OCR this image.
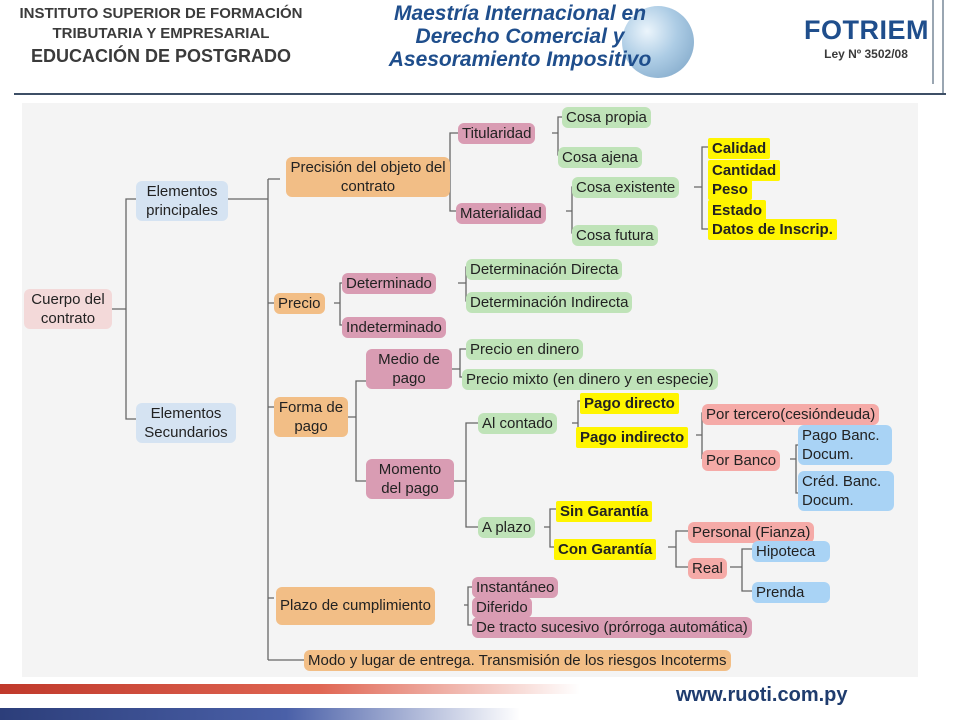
INSTITUTO SUPERIOR DE FORMACIÓN
TRIBUTARIA Y EMPRESARIAL
EDUCACIÓN DE POSTGRADO
Maestría Internacional en
Derecho Comercial y
Asesoramiento Impositivo
FOTRIEM
Ley Nº 3502/08
Cuerpo del contrato
Elementos principales
Elementos Secundarios
Precisión del objeto del contrato
Titularidad
Cosa propia
Cosa ajena
Materialidad
Cosa existente
Cosa futura
Calidad
Cantidad
Peso
Estado
Datos de Inscrip.
Precio
Determinado
Determinación Directa
Determinación Indirecta
Indeterminado
Forma de pago
Medio de pago
Precio en dinero
Precio mixto (en dinero y en especie)
Momento del pago
Al contado
Pago directo
Pago indirecto
Por tercero(cesióndeuda)
Por Banco
Pago Banc. Docum.
Créd. Banc. Docum.
A plazo
Sin Garantía
Con Garantía
Personal (Fianza)
Real
Hipoteca
Prenda
Plazo de cumplimiento
Instantáneo
Diferido
De tracto sucesivo (prórroga automática)
Modo y lugar de entrega. Transmisión de los riesgos Incoterms
www.ruoti.com.py
